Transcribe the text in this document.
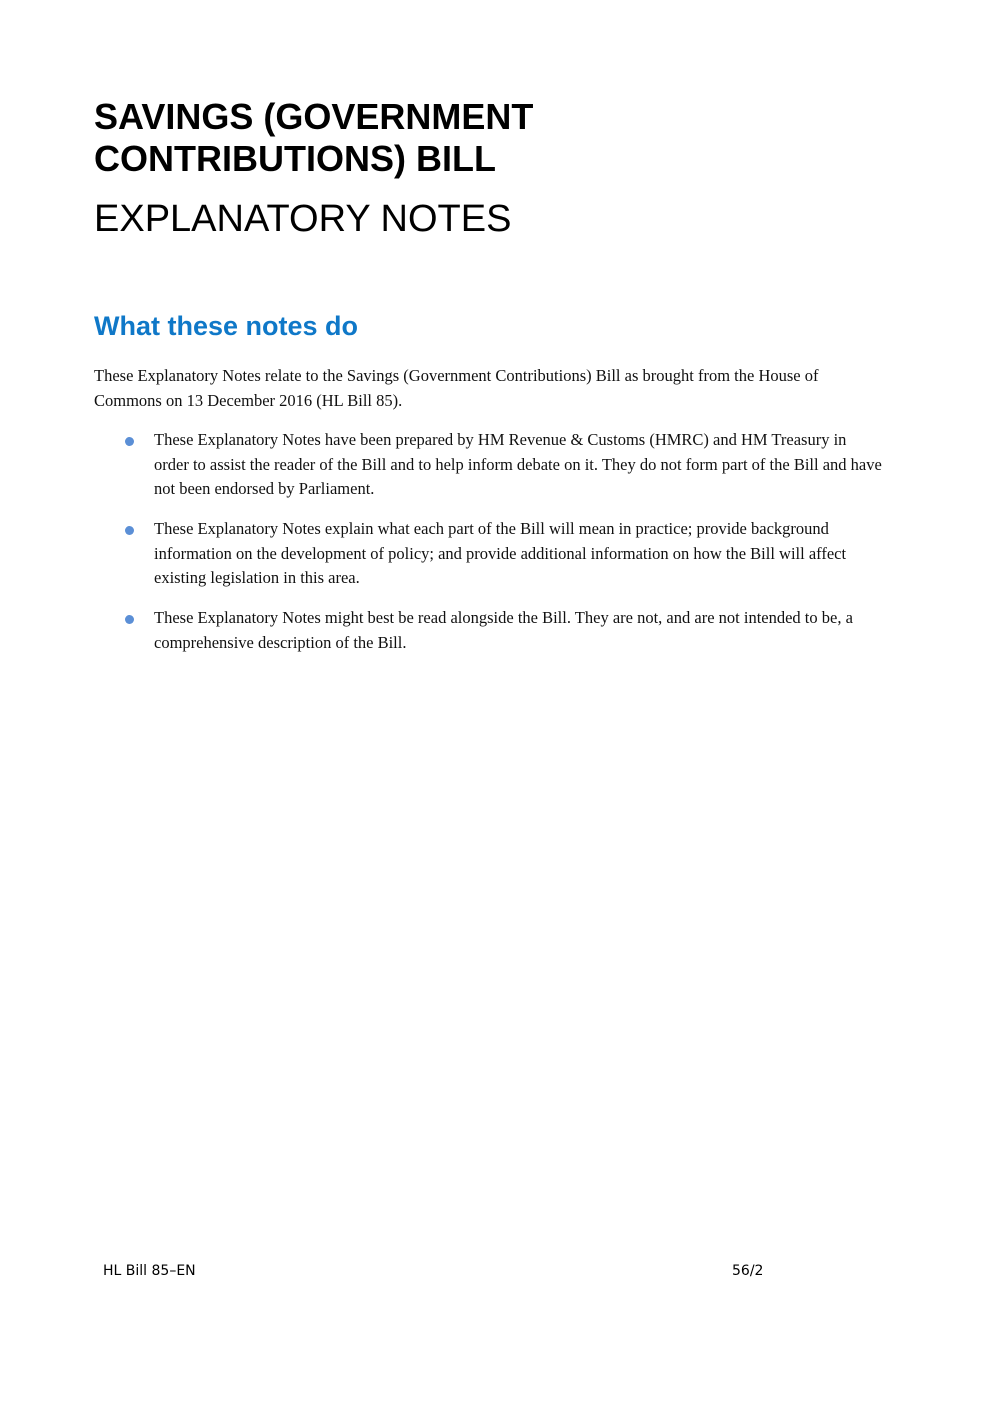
SAVINGS (GOVERNMENT
CONTRIBUTIONS) BILL
EXPLANATORY NOTES
What these notes do

These Explanatory Notes relate to the Savings (Government Contributions) Bill as brought from the House of Commons on 13 December 2016 (HL Bill 85).

These Explanatory Notes have been prepared by HM Revenue & Customs (HMRC) and HM Treasury in order to assist the reader of the Bill and to help inform debate on it. They do not form part of the Bill and have not been endorsed by Parliament.
These Explanatory Notes explain what each part of the Bill will mean in practice; provide background information on the development of policy; and provide additional information on how the Bill will affect existing legislation in this area.
These Explanatory Notes might best be read alongside the Bill. They are not, and are not intended to be, a comprehensive description of the Bill.
HL Bill 85–EN	56/2
